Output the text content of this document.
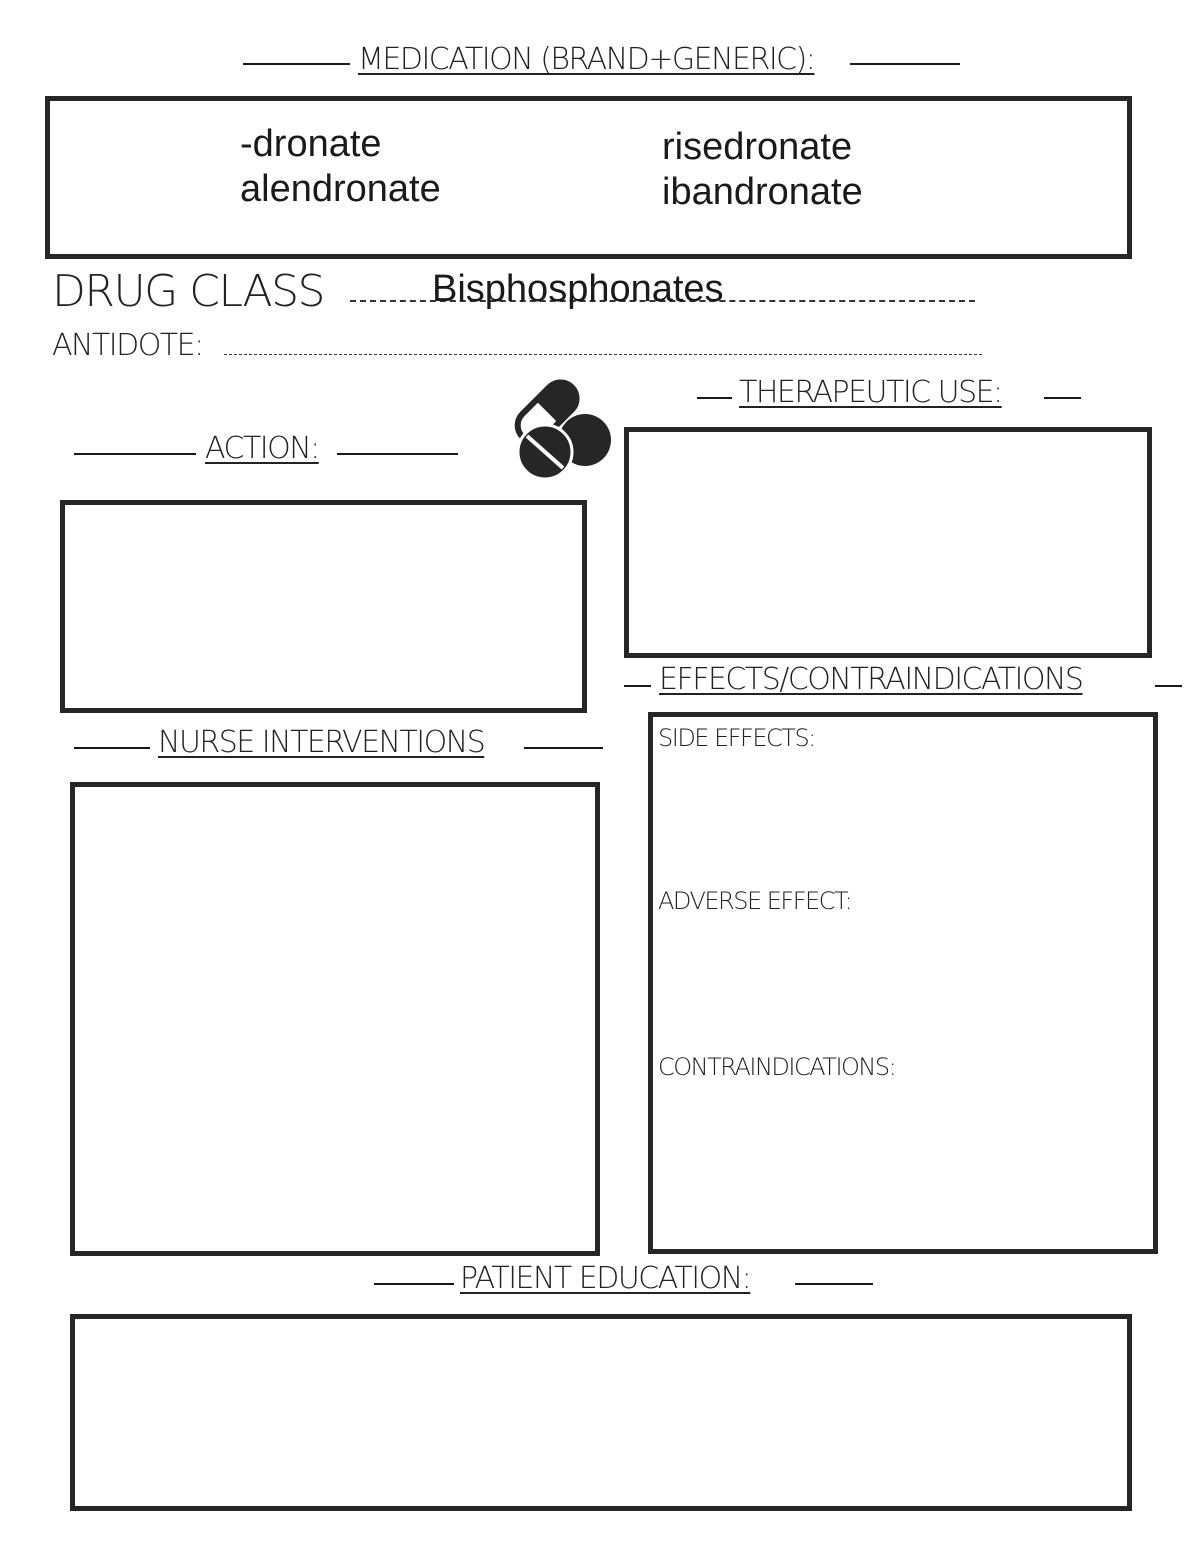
MEDICATION (BRAND+GENERIC):
-dronate
alendronate
risedronate
ibandronate
DRUG CLASS	Bisphosphonates
ANTIDOTE:
THERAPEUTIC USE:
ACTION:
EFFECTS/CONTRAINDICATIONS
SIDE EFFECTS:
ADVERSE EFFECT:
CONTRAINDICATIONS:
NURSE INTERVENTIONS
PATIENT EDUCATION:
